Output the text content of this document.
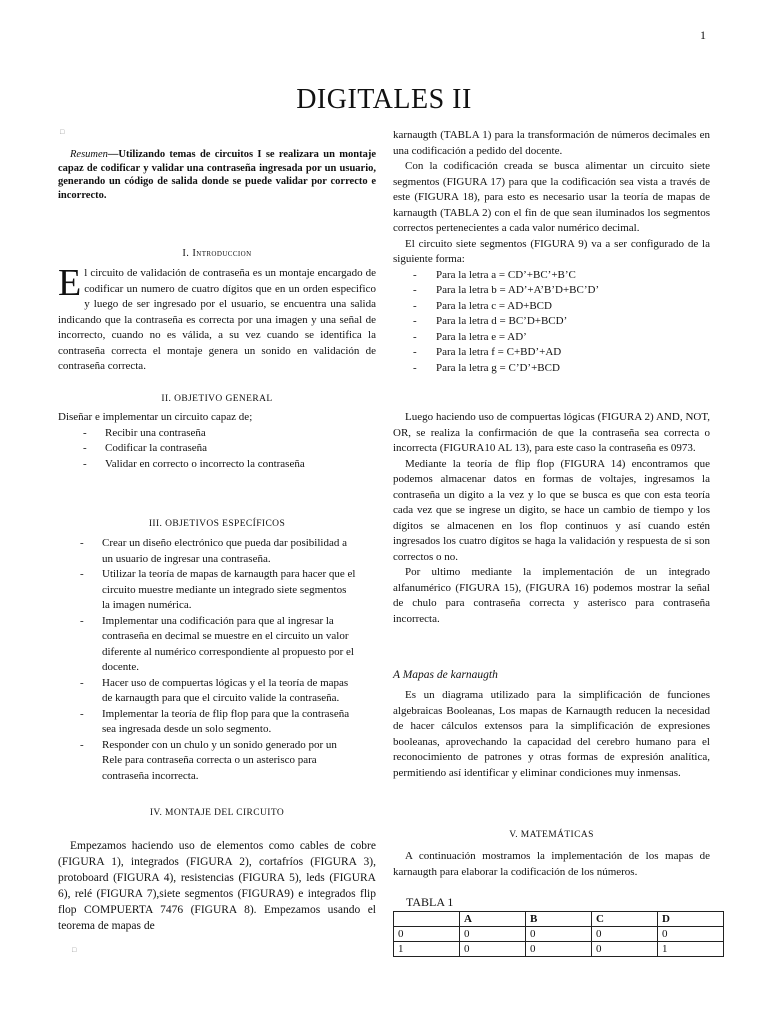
1
DIGITALES II
□
□

Resumen—Utilizando temas de circuitos I se realizara un montaje capaz de codificar y validar una contraseña ingresada por un usuario, generando un código de salida donde se puede validar por correcto e incorrecto.

I. Introduccion
El circuito de validación de contraseña es un montaje encargado de codificar un numero de cuatro dígitos que en un orden especifico y luego de ser ingresado por el usuario, se encuentra una salida indicando que la contraseña es correcta por una imagen y una señal de incorrecto, cuando no es válida, a su vez cuando se identifica la contraseña correcta el montaje genera un sonido en validación de contraseña correcta.
II. OBJETIVO GENERAL

Diseñar e implementar un circuito capaz de;

- Recibir una contraseña
- Codificar la contraseña
- Validar en correcto o incorrecto la contraseña
III. OBJETIVOS ESPECÍFICOS
- Crear un diseño electrónico que pueda dar posibilidad a un usuario de ingresar una contraseña.
- Utilizar la teoría de mapas de karnaugth para hacer que el circuito muestre mediante un integrado siete segmentos la imagen numérica.
- Implementar una codificación para que al ingresar la contraseña en decimal se muestre en el circuito un valor diferente al numérico correspondiente al propuesto por el docente.
- Hacer uso de compuertas lógicas y el la teoría de mapas de karnaugth para que el circuito valide la contraseña.
- Implementar la teoría de flip flop para que la contraseña sea ingresada desde un solo segmento.
- Responder con un chulo y un sonido generado por un Rele para contraseña correcta o un asterisco para contraseña incorrecta.
IV. MONTAJE DEL CIRCUITO

Empezamos haciendo uso de elementos como cables de cobre (FIGURA 1), integrados (FIGURA 2), cortafríos (FIGURA 3), protoboard (FIGURA 4), resistencias (FIGURA 5), leds (FIGURA 6), relé (FIGURA 7),siete segmentos (FIGURA9) e integrados flip flop COMPUERTA 7476 (FIGURA 8). Empezamos usando el teorema de mapas de

karnaugth (TABLA 1) para la transformación de números decimales en una codificación a pedido del docente.

Con la codificación creada se busca alimentar un circuito siete segmentos (FIGURA 17) para que la codificación sea vista a través de este (FIGURA 18), para esto es necesario usar la teoría de mapas de karnaugth (TABLA 2) con el fin de que sean iluminados los segmentos correctos pertenecientes a cada valor numérico decimal.

El circuito siete segmentos (FIGURA 9) va a ser configurado de la siguiente forma:

- Para la letra a = CD’+BC’+B’C
- Para la letra b = AD’+A’B’D+BC’D’
- Para la letra c = AD+BCD
- Para la letra d = BC’D+BCD’
- Para la letra e = AD’
- Para la letra f = C+BD’+AD
- Para la letra g = C’D’+BCD

Luego haciendo uso de compuertas lógicas (FIGURA 2) AND, NOT, OR, se realiza la confirmación de que la contraseña sea correcta o incorrecta (FIGURA10 AL 13), para este caso la contraseña es 0973.

Mediante la teoría de flip flop (FIGURA 14) encontramos que podemos almacenar datos en formas de voltajes, ingresamos la contraseña un digito a la vez y lo que se busca es que con esta teoría cada vez que se ingrese un digito, se hace un cambio de tiempo y los dígitos se almacenen en los flop continuos y así cuando estén ingresados los cuatro dígitos se haga la validación y respuesta de si son correctos o no.

Por ultimo mediante la implementación de un integrado alfanumérico (FIGURA 15), (FIGURA 16) podemos mostrar la señal de chulo para contraseña correcta y asterisco para contraseña incorrecta.

A Mapas de karnaugth

Es un diagrama utilizado para la simplificación de funciones algebraicas Booleanas, Los mapas de Karnaugth reducen la necesidad de hacer cálculos extensos para la simplificación de expresiones booleanas, aprovechando la capacidad del cerebro humano para el reconocimiento de patrones y otras formas de expresión analítica, permitiendo así identificar y eliminar condiciones muy inmensas.

V. MATEMÁTICAS

A continuación mostramos la implementación de los mapas de karnaugth para elaborar la codificación de los números.

TABLA 1
	A	B	C	D
0	0	0	0	0
1	0	0	0	1
